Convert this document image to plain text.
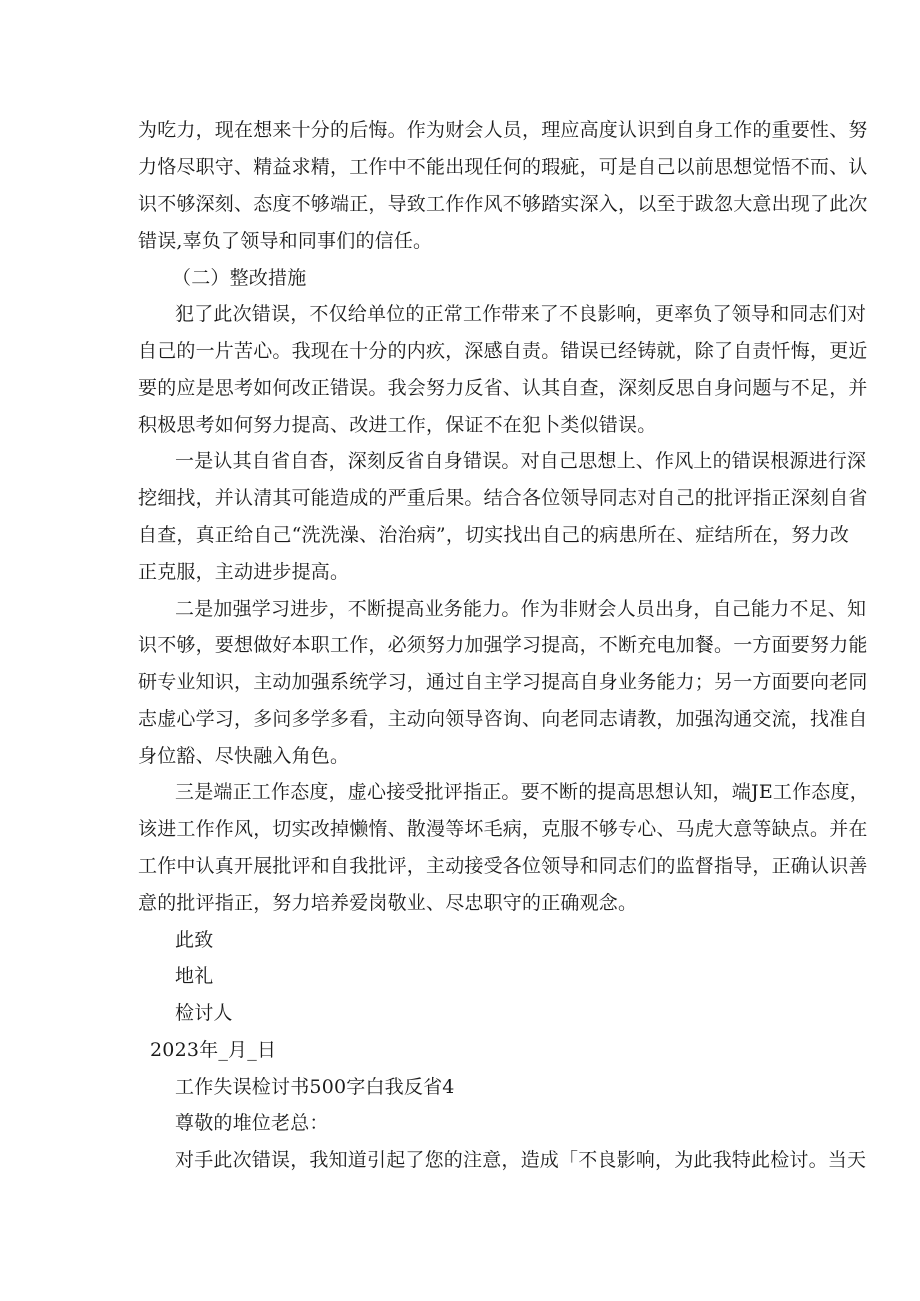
为吃力，现在想来十分的后悔。作为财会人员，理应高度认识到自身工作的重要性、努
力恪尽职守、精益求精，工作中不能出现任何的瑕疵，可是自己以前思想觉悟不而、认
识不够深刻、态度不够端正，导致工作作风不够踏实深入，以至于跋忽大意出现了此次
错误,辜负了领导和同事们的信任。
（二）整改措施
犯了此次错误，不仅给单位的正常工作带来了不良影响，更率负了领导和同志们对
自己的一片苦心。我现在十分的内疚，深感自责。错误已经铸就，除了自责忏悔，更近
要的应是思考如何改正错误。我会努力反省、认其自查，深刻反思自身问题与不足，并
积极思考如何努力提高、改进工作，保证不在犯卜类似错误。
一是认其自省自杳，深刻反省自身错误。对自己思想上、作风上的错误根源进行深
挖细找，并认清其可能造成的严重后果。结合各位领导同志对自己的批评指正深刻自省
自查，真正给自己“洗洗澡、治治病”，切实找出自己的病患所在、症结所在，努力改
正克服，主动进步提高。
二是加强学习进步，不断提高业务能力。作为非财会人员出身，自己能力不足、知
识不够，要想做好本职工作，必须努力加强学习提高，不断充电加餐。一方面要努力能
研专业知识，主动加强系统学习，通过自主学习提高自身业务能力；另一方面要向老同
志虚心学习，多问多学多看，主动向领导咨询、向老同志请教，加强沟通交流，找准自
身位豁、尽快融入角色。
三是端正工作态度，虚心接受批评指正。要不断的提高思想认知，端JE工作态度，
该进工作作风，切实改掉懒惰、散漫等坏毛病，克服不够专心、马虎大意等缺点。并在
工作中认真开展批评和自我批评，主动接受各位领导和同志们的监督指导，正确认识善
意的批评指正，努力培养爱岗敬业、尽忠职守的正确观念。
此致
地礼
检讨人
2023年_月_日
工作失误检讨书500字白我反省4
尊敬的堆位老总：
对手此次错误，我知道引起了您的注意，造成「不良影响，为此我特此检讨。当天
